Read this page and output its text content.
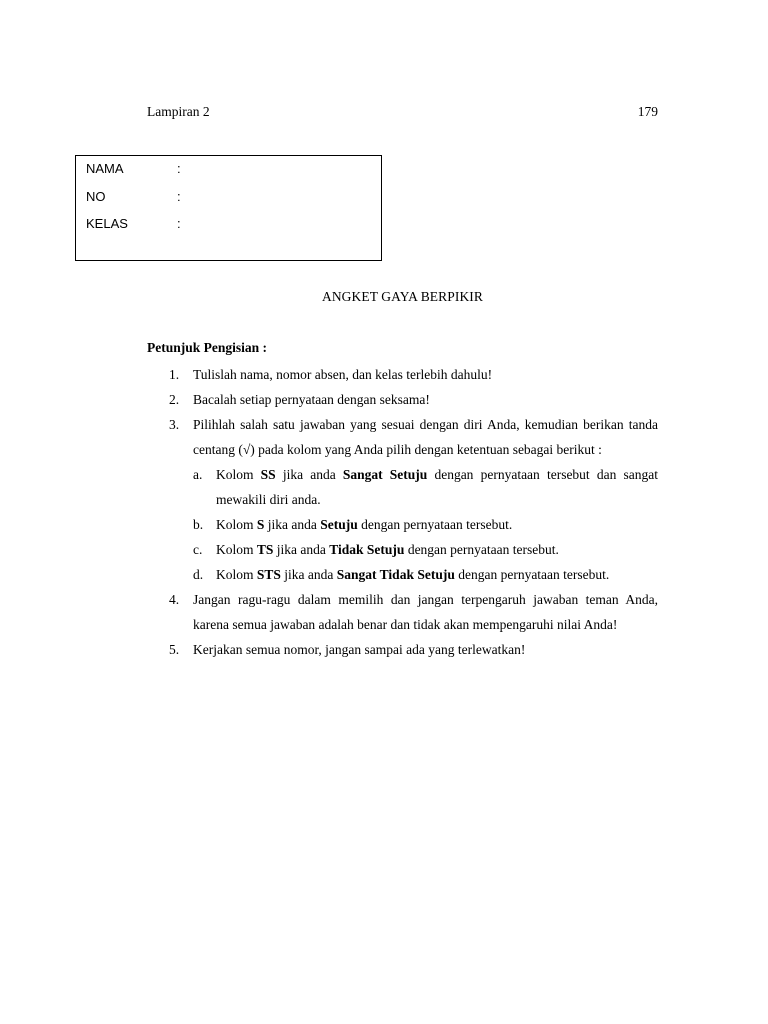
Lampiran 2	179
NAMA	:
NO	:
KELAS	:
ANGKET GAYA BERPIKIR
Petunjuk Pengisian :
1. Tulislah nama, nomor absen, dan kelas terlebih dahulu!
2. Bacalah setiap pernyataan dengan seksama!
3. Pilihlah salah satu jawaban yang sesuai dengan diri Anda, kemudian berikan tanda centang (√) pada kolom yang Anda pilih dengan ketentuan sebagai berikut :
a. Kolom SS jika anda Sangat Setuju dengan pernyataan tersebut dan sangat mewakili diri anda.
b. Kolom S jika anda Setuju dengan pernyataan tersebut.
c. Kolom TS jika anda Tidak Setuju dengan pernyataan tersebut.
d. Kolom STS jika anda Sangat Tidak Setuju dengan pernyataan tersebut.
4. Jangan ragu-ragu dalam memilih dan jangan terpengaruh jawaban teman Anda, karena semua jawaban adalah benar dan tidak akan mempengaruhi nilai Anda!
5. Kerjakan semua nomor, jangan sampai ada yang terlewatkan!
